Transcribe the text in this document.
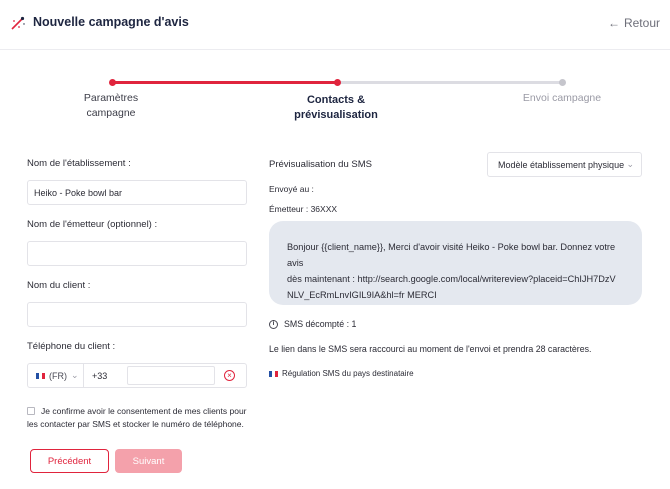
Nouvelle campagne d'avis	← Retour
Paramètres
campagne
Contacts &
prévisualisation
Envoi campagne
Nom de l'établissement :
Heiko - Poke bowl bar
Nom de l'émetteur (optionnel) :
Nom du client :
Téléphone du client :
(FR) ⌄	+33	×
Je confirme avoir le consentement de mes clients pour les contacter par SMS et stocker le numéro de téléphone.
Précédent	Suivant
Prévisualisation du SMS	Modèle établissement physique ⌄
Envoyé au :
Émetteur : 36XXX
Bonjour {{client_name}}, Merci d'avoir visité Heiko - Poke bowl bar. Donnez votre avis
dès maintenant : http://search.google.com/local/writereview?placeid=ChIJH7DzV
NLV_EcRmLnvIGIL9IA&hl=fr MERCI
i	SMS décompté : 1
Le lien dans le SMS sera raccourci au moment de l'envoi et prendra 28 caractères.
Régulation SMS du pays destinataire
